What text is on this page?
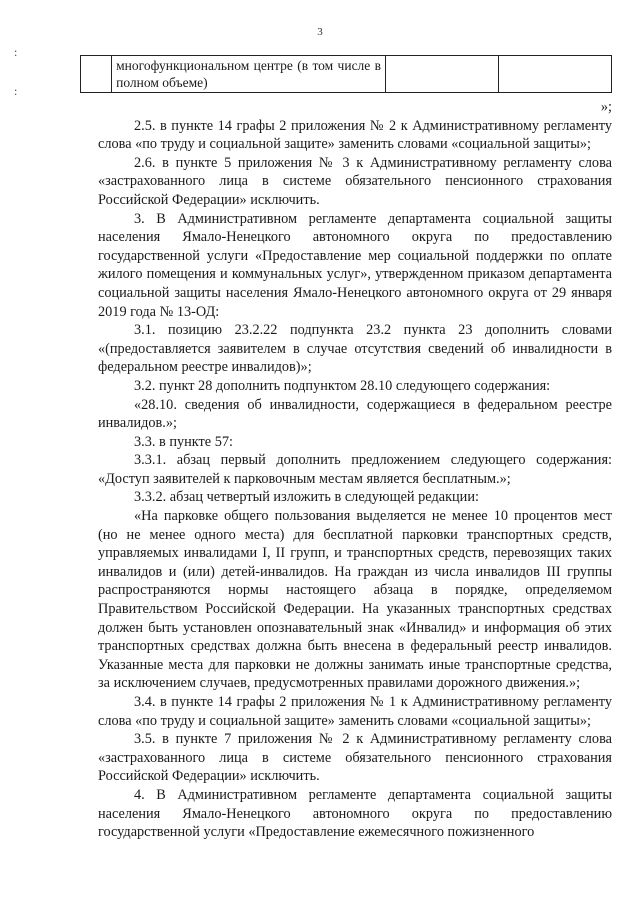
3
:
:
	многофункциональном центре (в том числе в полном объеме)		

»;

2.5. в пункте 14 графы 2 приложения № 2 к Административному регламенту слова «по труду и социальной защите» заменить словами «социальной защиты»;

2.6. в пункте 5 приложения № 3 к Административному регламенту слова «застрахованного лица в системе обязательного пенсионного страхования Российской Федерации» исключить.

3. В Административном регламенте департамента социальной защиты населения Ямало-Ненецкого автономного округа по предоставлению государственной услуги «Предоставление мер социальной поддержки по оплате жилого помещения и коммунальных услуг», утвержденном приказом департамента социальной защиты населения Ямало-Ненецкого автономного округа от 29 января 2019 года № 13-ОД:

3.1. позицию 23.2.22 подпункта 23.2 пункта 23 дополнить словами «(предоставляется заявителем в случае отсутствия сведений об инвалидности в федеральном реестре инвалидов)»;

3.2. пункт 28 дополнить подпунктом 28.10 следующего содержания:

«28.10. сведения об инвалидности, содержащиеся в федеральном реестре инвалидов.»;

3.3. в пункте 57:

3.3.1. абзац первый дополнить предложением следующего содержания: «Доступ заявителей к парковочным местам является бесплатным.»;

3.3.2. абзац четвертый изложить в следующей редакции:

«На парковке общего пользования выделяется не менее 10 процентов мест (но не менее одного места) для бесплатной парковки транспортных средств, управляемых инвалидами I, II групп, и транспортных средств, перевозящих таких инвалидов и (или) детей-инвалидов. На граждан из числа инвалидов III группы распространяются нормы настоящего абзаца в порядке, определяемом Правительством Российской Федерации. На указанных транспортных средствах должен быть установлен опознавательный знак «Инвалид» и информация об этих транспортных средствах должна быть внесена в федеральный реестр инвалидов. Указанные места для парковки не должны занимать иные транспортные средства, за исключением случаев, предусмотренных правилами дорожного движения.»;

3.4. в пункте 14 графы 2 приложения № 1 к Административному регламенту слова «по труду и социальной защите» заменить словами «социальной защиты»;

3.5. в пункте 7 приложения № 2 к Административному регламенту слова «застрахованного лица в системе обязательного пенсионного страхования Российской Федерации» исключить.

4. В Административном регламенте департамента социальной защиты населения Ямало-Ненецкого автономного округа по предоставлению государственной услуги «Предоставление ежемесячного пожизненного
